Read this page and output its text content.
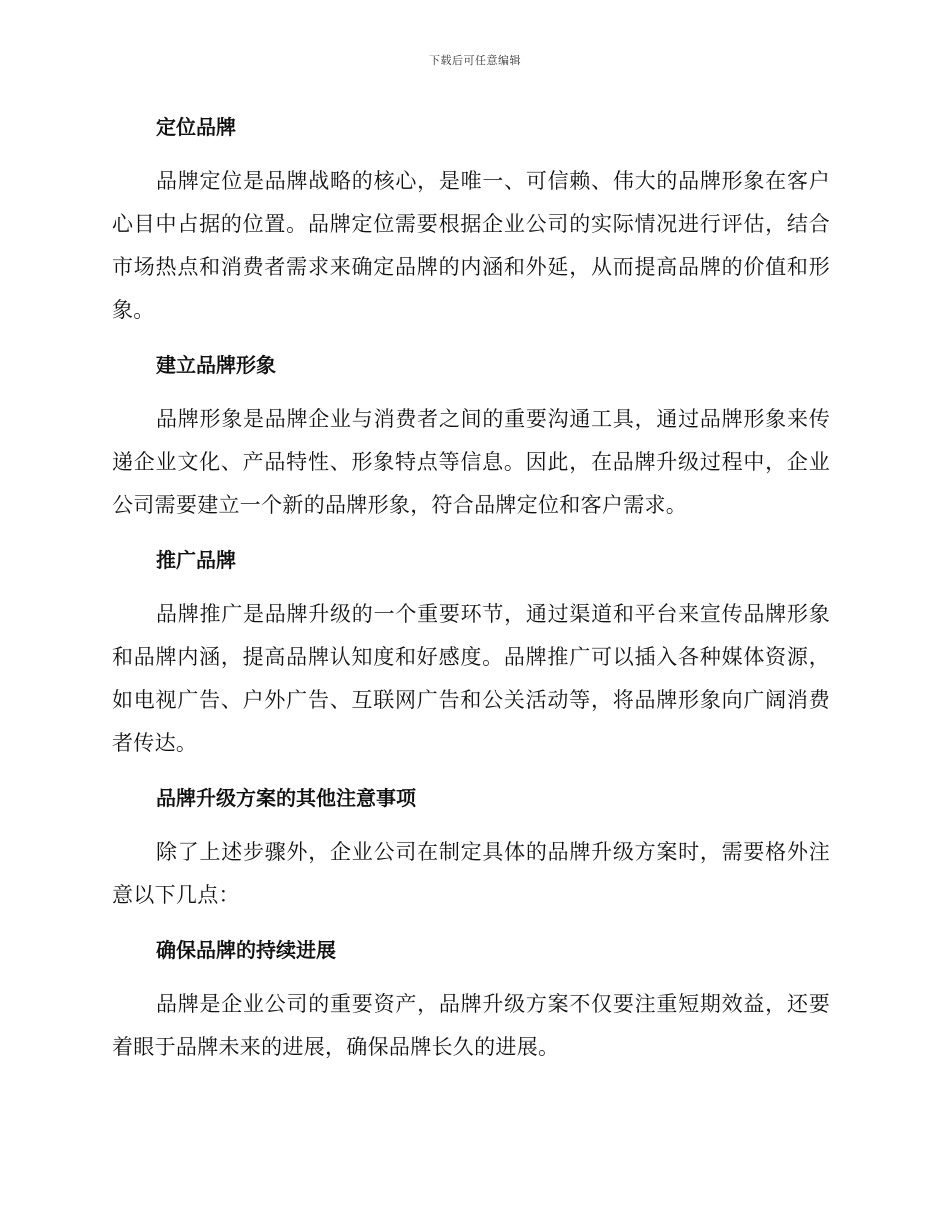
下载后可任意编辑
定位品牌

品牌定位是品牌战略的核心，是唯一、可信赖、伟大的品牌形象在客户心目中占据的位置。品牌定位需要根据企业公司的实际情况进行评估，结合市场热点和消费者需求来确定品牌的内涵和外延，从而提高品牌的价值和形象。

建立品牌形象

品牌形象是品牌企业与消费者之间的重要沟通工具，通过品牌形象来传递企业文化、产品特性、形象特点等信息。因此，在品牌升级过程中，企业公司需要建立一个新的品牌形象，符合品牌定位和客户需求。

推广品牌

品牌推广是品牌升级的一个重要环节，通过渠道和平台来宣传品牌形象和品牌内涵，提高品牌认知度和好感度。品牌推广可以插入各种媒体资源，如电视广告、户外广告、互联网广告和公关活动等，将品牌形象向广阔消费者传达。

品牌升级方案的其他注意事项

除了上述步骤外，企业公司在制定具体的品牌升级方案时，需要格外注意以下几点：

确保品牌的持续进展

品牌是企业公司的重要资产，品牌升级方案不仅要注重短期效益，还要着眼于品牌未来的进展，确保品牌长久的进展。
